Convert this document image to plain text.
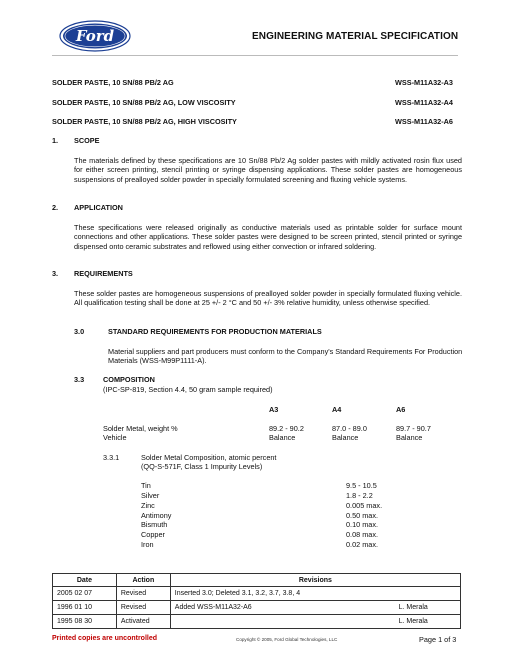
Ford	ENGINEERING MATERIAL SPECIFICATION
SOLDER PASTE, 10 SN/88 PB/2 AG	WSS-M11A32-A3
SOLDER PASTE, 10 SN/88 PB/2 AG, LOW VISCOSITY	WSS-M11A32-A4
SOLDER PASTE, 10 SN/88 PB/2 AG, HIGH VISCOSITY	WSS-M11A32-A6
1. SCOPE
The materials defined by these specifications are 10 Sn/88 Pb/2 Ag solder pastes with mildly activated rosin flux used for either screen printing, stencil printing or syringe dispensing applications. These solder pastes are homogeneous suspensions of prealloyed solder powder in specially formulated screening and fluxing vehicle systems.
2. APPLICATION
These specifications were released originally as conductive materials used as printable solder for surface mount connections and other applications. These solder pastes were designed to be screen printed, stencil printed or syringe dispensed onto ceramic substrates and reflowed using either convection or infrared soldering.
3. REQUIREMENTS
These solder pastes are homogeneous suspensions of prealloyed solder powder in specially formulated fluxing vehicle. All qualification testing shall be done at 25 +/- 2 °C and 50 +/- 3% relative humidity, unless otherwise specified.
3.0	STANDARD REQUIREMENTS FOR PRODUCTION MATERIALS
Material suppliers and part producers must conform to the Company's Standard Requirements For Production Materials (WSS-M99P1111-A).
3.3	COMPOSITION
(IPC-SP-819, Section 4.4, 50 gram sample required)
A3	A4	A6
Solder Metal, weight %	89.2 - 90.2	87.0 - 89.0	89.7 - 90.7
Vehicle	Balance	Balance	Balance
3.3.1	Solder Metal Composition, atomic percent
(QQ-S-571F, Class 1 Impurity Levels)
Tin	9.5 - 10.5
Silver	1.8 - 2.2
Zinc	0.005 max.
Antimony	0.50 max.
Bismuth	0.10 max.
Copper	0.08 max.
Iron	0.02 max.
Date	Action	Revisions	
2005 02 07	Revised	Inserted 3.0; Deleted 3.1, 3.2, 3.7, 3.8, 4	
1996 01 10	Revised	Added WSS-M11A32-A6	L. Merala
1995 08 30	Activated		L. Merala
Printed copies are uncontrolled	Copyright © 2005, Ford Global Technologies, LLC	Page 1 of 3
